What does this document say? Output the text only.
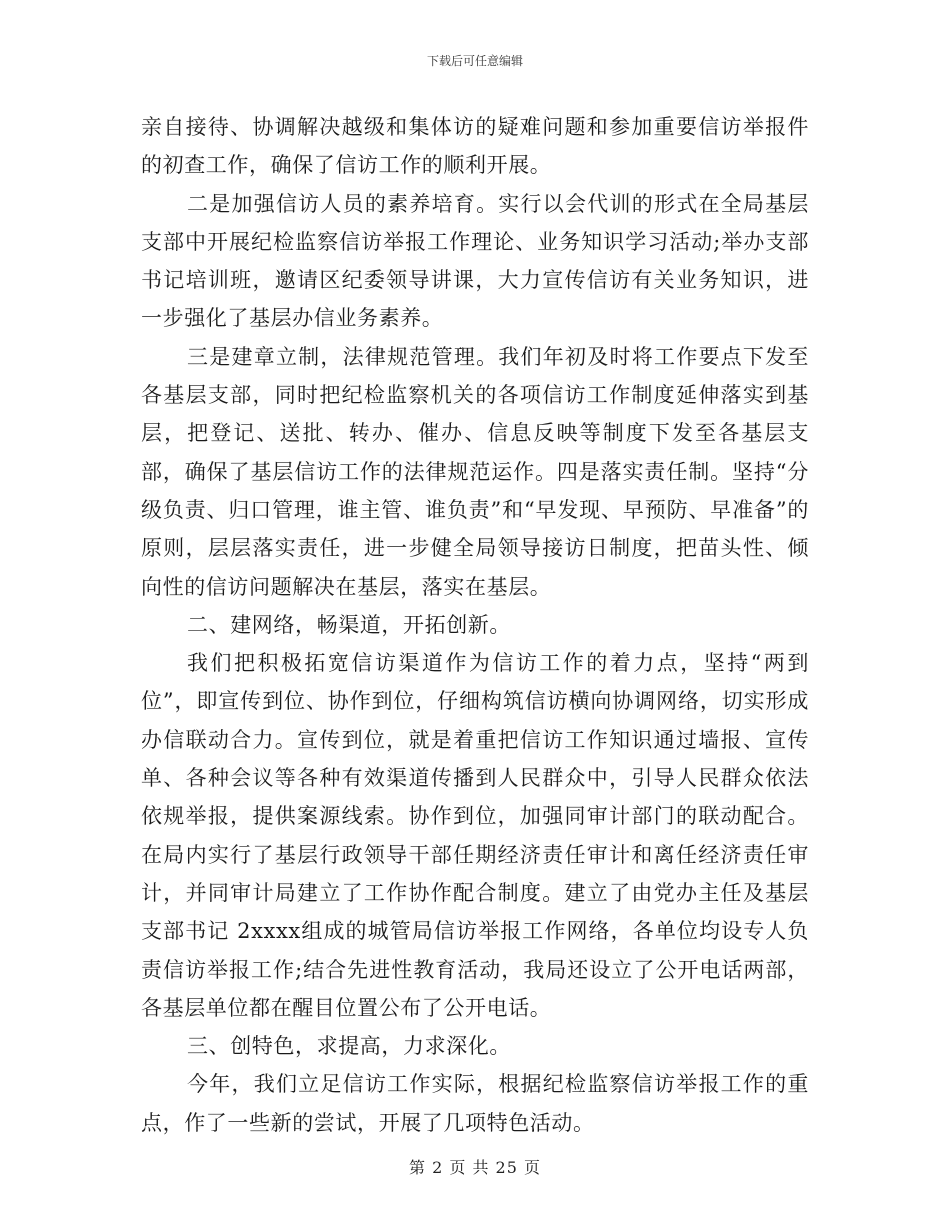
下载后可任意编辑

亲自接待、协调解决越级和集体访的疑难问题和参加重要信访举报件的初查工作，确保了信访工作的顺利开展。

二是加强信访人员的素养培育。实行以会代训的形式在全局基层支部中开展纪检监察信访举报工作理论、业务知识学习活动;举办支部书记培训班，邀请区纪委领导讲课，大力宣传信访有关业务知识，进一步强化了基层办信业务素养。

三是建章立制，法律规范管理。我们年初及时将工作要点下发至各基层支部，同时把纪检监察机关的各项信访工作制度延伸落实到基层，把登记、送批、转办、催办、信息反映等制度下发至各基层支部，确保了基层信访工作的法律规范运作。四是落实责任制。坚持“分级负责、归口管理，谁主管、谁负责”和“早发现、早预防、早准备”的原则，层层落实责任，进一步健全局领导接访日制度，把苗头性、倾向性的信访问题解决在基层，落实在基层。

二、建网络，畅渠道，开拓创新。

我们把积极拓宽信访渠道作为信访工作的着力点，坚持“两到位”，即宣传到位、协作到位，仔细构筑信访横向协调网络，切实形成办信联动合力。宣传到位，就是着重把信访工作知识通过墙报、宣传单、各种会议等各种有效渠道传播到人民群众中，引导人民群众依法依规举报，提供案源线索。协作到位，加强同审计部门的联动配合。在局内实行了基层行政领导干部任期经济责任审计和离任经济责任审计，并同审计局建立了工作协作配合制度。建立了由党办主任及基层支部书记 2xxxx组成的城管局信访举报工作网络，各单位均设专人负责信访举报工作;结合先进性教育活动，我局还设立了公开电话两部，各基层单位都在醒目位置公布了公开电话。

三、创特色，求提高，力求深化。

今年，我们立足信访工作实际，根据纪检监察信访举报工作的重点，作了一些新的尝试，开展了几项特色活动。

第 2 页 共 25 页
